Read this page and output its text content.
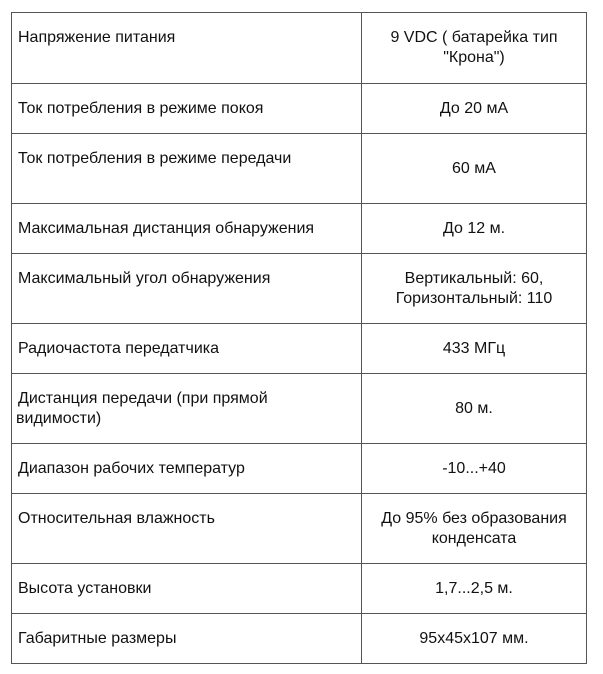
Напряжение питания	9 VDC ( батарейка тип "Крона")

Ток потребления в режиме покоя	До 20 мА

Ток потребления в режиме передачи	60 мА

Максимальная дистанция обнаружения	До 12 м.

Максимальный угол обнаружения	Вертикальный: 60, Горизонтальный: 110

Радиочастота передатчика	433 МГц

Дистанция передачи (при прямой видимости)	80 м.

Диапазон рабочих температур	-10...+40

Относительная влажность	До 95% без образования конденсата

Высота установки	1,7...2,5 м.

Габаритные размеры	95x45x107 мм.
